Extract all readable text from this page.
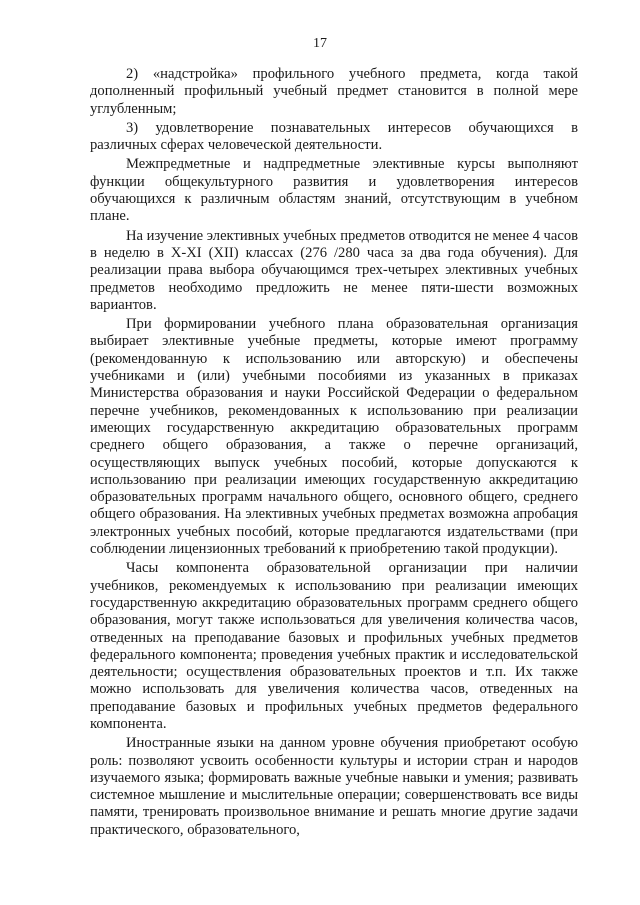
17

2) «надстройка» профильного учебного предмета, когда такой дополненный профильный учебный предмет становится в полной мере углубленным;

3) удовлетворение познавательных интересов обучающихся в различных сферах человеческой деятельности.

Межпредметные и надпредметные элективные курсы выполняют функции общекультурного развития и удовлетворения интересов обучающихся к различным областям знаний, отсутствующим в учебном плане.

На изучение элективных учебных предметов отводится не менее 4 часов в неделю в X-XI (XII) классах (276 /280 часа за два года обучения). Для реализации права выбора обучающимся трех-четырех элективных учебных предметов необходимо предложить не менее пяти-шести возможных вариантов.

При формировании учебного плана образовательная организация выбирает элективные учебные предметы, которые имеют программу (рекомендованную к использованию или авторскую) и обеспечены учебниками и (или) учебными пособиями из указанных в приказах Министерства образования и науки Российской Федерации о федеральном перечне учебников, рекомендованных к использованию при реализации имеющих государственную аккредитацию образовательных программ среднего общего образования, а также о перечне организаций, осуществляющих выпуск учебных пособий, которые допускаются к использованию при реализации имеющих государственную аккредитацию образовательных программ начального общего, основного общего, среднего общего образования. На элективных учебных предметах возможна апробация электронных учебных пособий, которые предлагаются издательствами (при соблюдении лицензионных требований к приобретению такой продукции).

Часы компонента образовательной организации при наличии учебников, рекомендуемых к использованию при реализации имеющих государственную аккредитацию образовательных программ среднего общего образования, могут также использоваться для увеличения количества часов, отведенных на преподавание базовых и профильных учебных предметов федерального компонента; проведения учебных практик и исследовательской деятельности; осуществления образовательных проектов и т.п. Их также можно использовать для увеличения количества часов, отведенных на преподавание базовых и профильных учебных предметов федерального компонента.

Иностранные языки на данном уровне обучения приобретают особую роль: позволяют усвоить особенности культуры и истории стран и народов изучаемого языка; формировать важные учебные навыки и умения; развивать системное мышление и мыслительные операции; совершенствовать все виды памяти, тренировать произвольное внимание и решать многие другие задачи практического, образовательного,
